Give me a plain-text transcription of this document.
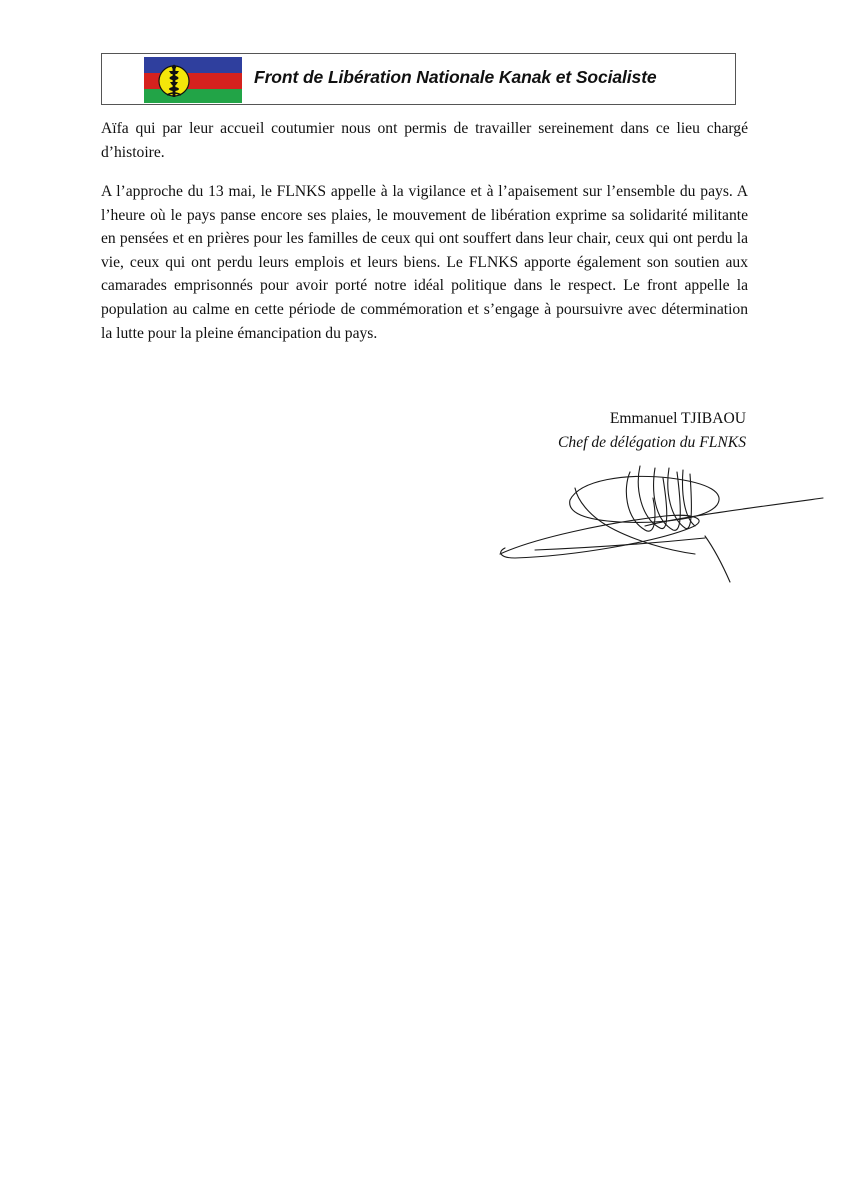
Front de Libération Nationale Kanak et Socialiste

Aïfa qui par leur accueil coutumier nous ont permis de travailler sereinement dans ce lieu chargé d’histoire.

A l’approche du 13 mai, le FLNKS appelle à la vigilance et à l’apaisement sur l’ensemble du pays. A l’heure où le pays panse encore ses plaies, le mouvement de libération exprime sa solidarité militante en pensées et en prières pour les familles de ceux qui ont souffert dans leur chair, ceux qui ont perdu la vie, ceux qui ont perdu leurs emplois et leurs biens. Le FLNKS apporte également son soutien aux camarades emprisonnés pour avoir porté notre idéal politique dans le respect. Le front appelle la population au calme en cette période de commémoration et s’engage à poursuivre avec détermination la lutte pour la pleine émancipation du pays.

Emmanuel TJIBAOU
Chef de délégation du FLNKS
